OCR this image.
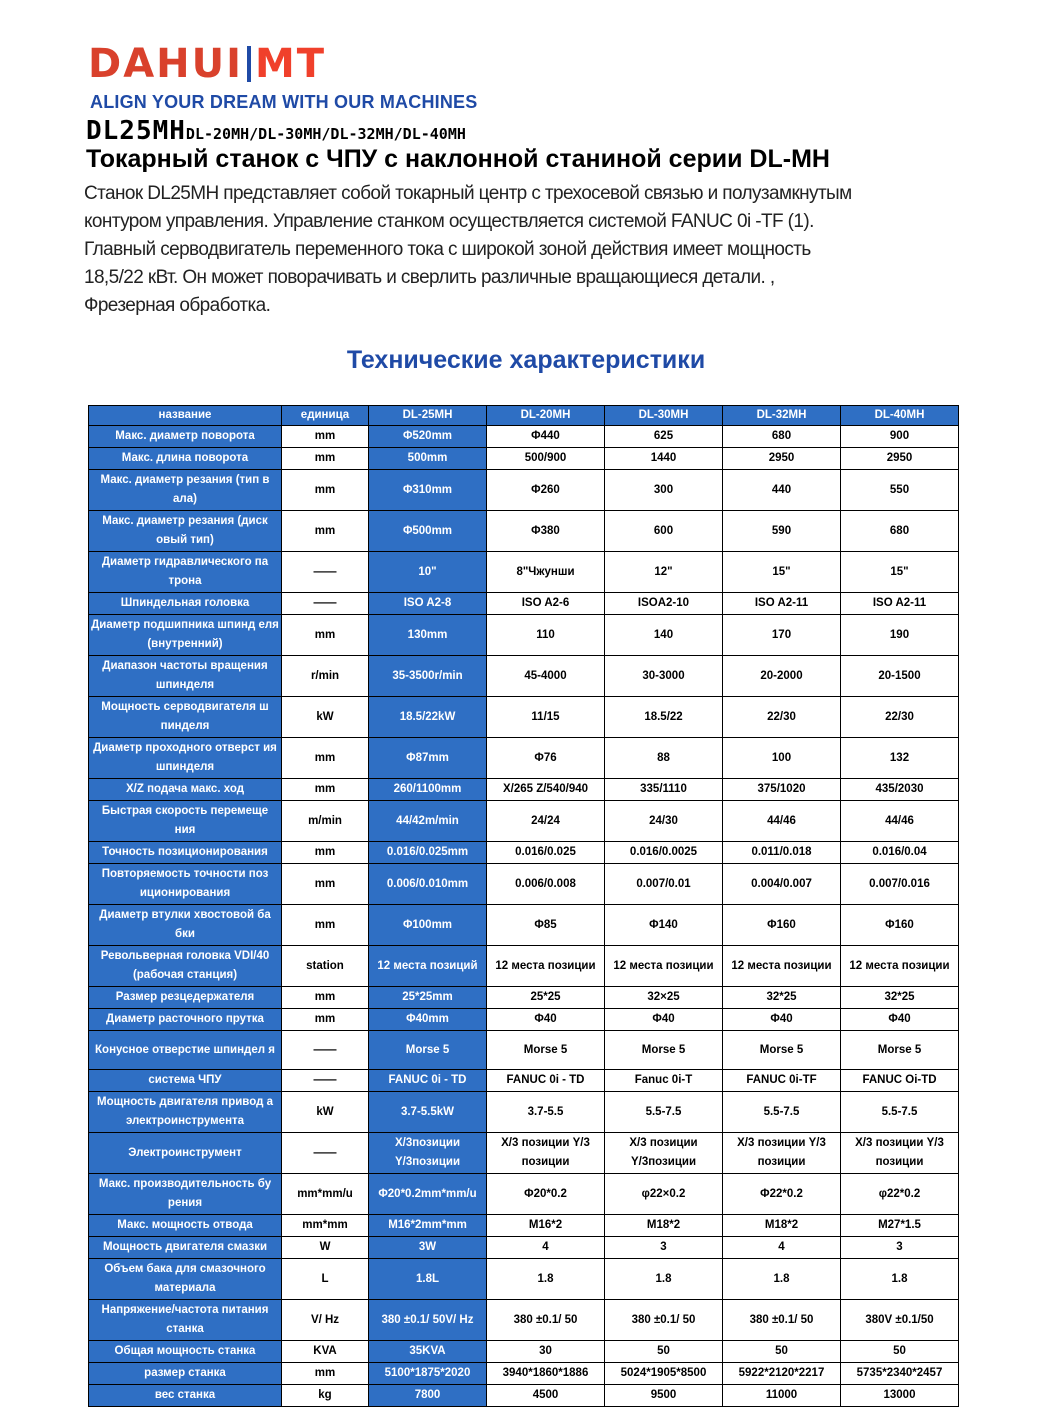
DAHUI MT
ALIGN YOUR DREAM WITH OUR MACHINES
DL25MH DL-20MH/DL-30MH/DL-32MH/DL-40MH
Токарный станок с ЧПУ с наклонной станиной серии DL-MH
Станок DL25MH представляет собой токарный центр с трехосевой связью и полузамкнутым
контуром управления. Управление станком осуществляется системой FANUC 0i -TF (1).
Главный серводвигатель переменного тока с широкой зоной действия имеет мощность
18,5/22 кВт. Он может поворачивать и сверлить различные вращающиеся детали. ,
Фрезерная обработка.
Технические характеристики
название	единица	DL-25MH	DL-20MH	DL-30MH	DL-32MH	DL-40MH
Макс. диаметр поворота	mm	Φ520mm	Φ440	625	680	900
Макс. длина поворота	mm	500mm	500/900	1440	2950	2950
Макс. диаметр резания (тип в ала)	mm	Φ310mm	Φ260	300	440	550
Макс. диаметр резания (диск овый тип)	mm	Φ500mm	Φ380	600	590	680
Диаметр гидравлического па трона	——	10"	8"Чжунши	12"	15"	15"
Шпиндельная головка	——	ISO A2-8	ISO A2-6	ISOA2-10	ISO A2-11	ISO A2-11
Диаметр подшипника шпинд еля (внутренний)	mm	130mm	110	140	170	190
Диапазон частоты вращения шпинделя	r/min	35-3500r/min	45-4000	30-3000	20-2000	20-1500
Мощность серводвигателя ш пинделя	kW	18.5/22kW	11/15	18.5/22	22/30	22/30
Диаметр проходного отверст ия шпинделя	mm	Φ87mm	Φ76	88	100	132
X/Z подача макс. ход	mm	260/1100mm	X/265 Z/540/940	335/1110	375/1020	435/2030
Быстрая скорость перемеще ния	m/min	44/42m/min	24/24	24/30	44/46	44/46
Точность позиционирования	mm	0.016/0.025mm	0.016/0.025	0.016/0.0025	0.011/0.018	0.016/0.04
Повторяемость точности поз иционирования	mm	0.006/0.010mm	0.006/0.008	0.007/0.01	0.004/0.007	0.007/0.016
Диаметр втулки хвостовой ба бки	mm	Φ100mm	Φ85	Φ140	Φ160	Φ160
Револьверная головка VDI/40 (рабочая станция)	station	12 места позиций	12 места позиции	12 места позиции	12 места позиции	12 места позиции
Размер резцедержателя	mm	25*25mm	25*25	32×25	32*25	32*25
Диаметр расточного прутка	mm	Φ40mm	Φ40	Φ40	Φ40	Φ40
Конусное отверстие шпиндел я	——	Morse 5	Morse 5	Morse 5	Morse 5	Morse 5
система ЧПУ	——	FANUC 0i - TD	FANUC 0i - TD	Fanuc 0i-T	FANUC 0i-TF	FANUC Oi-TD
Мощность двигателя привод а электроинструмента	kW	3.7-5.5kW	3.7-5.5	5.5-7.5	5.5-7.5	5.5-7.5
Электроинструмент	——	X/3позиции Y/3позиции	X/3 позиции Y/3 позиции	X/3 позиции Y/3позиции	X/3 позиции Y/3 позиции	X/3 позиции Y/3 позиции
Макс. производительность бу рения	mm*mm/u	Φ20*0.2mm*mm/u	Φ20*0.2	φ22×0.2	Φ22*0.2	φ22*0.2
Макс. мощность отвода	mm*mm	M16*2mm*mm	M16*2	M18*2	M18*2	M27*1.5
Мощность двигателя смазки	W	3W	4	3	4	3
Объем бака для смазочного материала	L	1.8L	1.8	1.8	1.8	1.8
Напряжение/частота питания станка	V/ Hz	380 ±0.1/ 50V/ Hz	380 ±0.1/ 50	380 ±0.1/ 50	380 ±0.1/ 50	380V ±0.1/50
Общая мощность станка	KVA	35KVA	30	50	50	50
размер станка	mm	5100*1875*2020	3940*1860*1886	5024*1905*8500	5922*2120*2217	5735*2340*2457
вес станка	kg	7800	4500	9500	11000	13000
